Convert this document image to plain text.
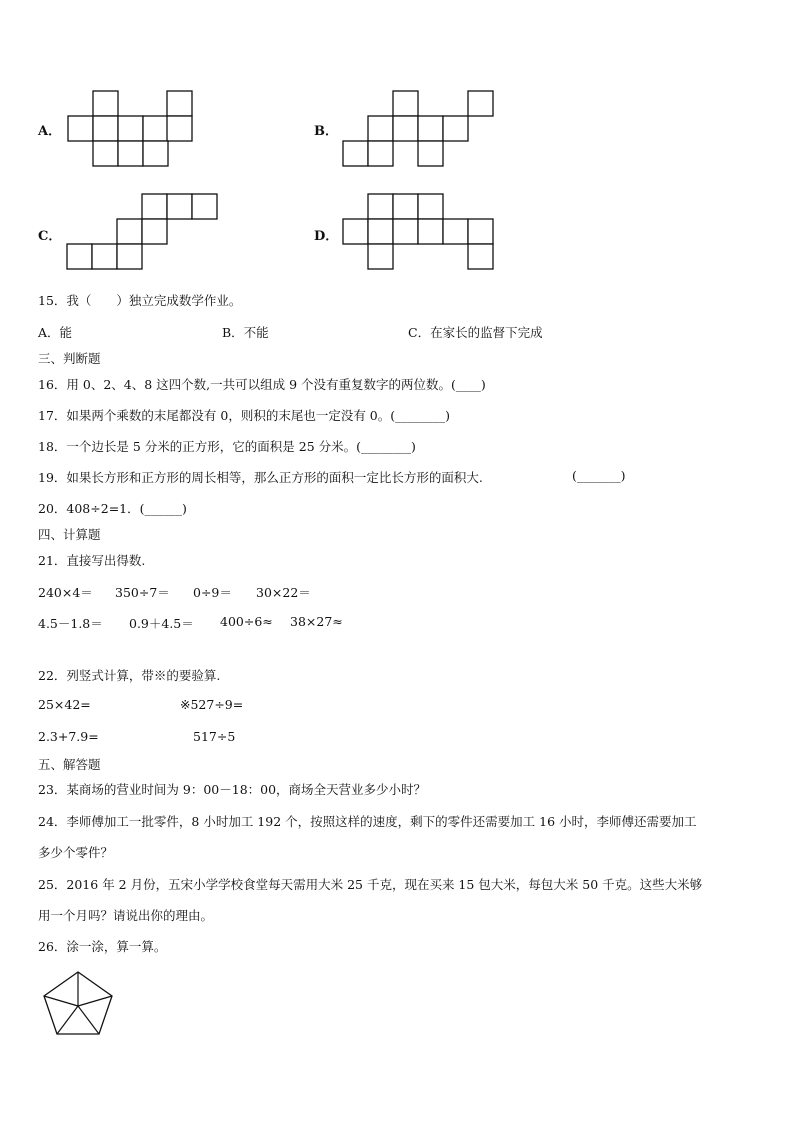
A．	B．
C．	D．
15．我（　　）独立完成数学作业。
A．能	B．不能	C．在家长的监督下完成
三、判断题
16．用 0、2、4、8 这四个数,一共可以组成 9 个没有重复数字的两位数。(____)
17．如果两个乘数的末尾都没有 0，则积的末尾也一定没有 0。(________)
18．一个边长是 5 分米的正方形，它的面积是 25 分米。(________)
19．如果长方形和正方形的周长相等，那么正方形的面积一定比长方形的面积大.	(_______)
20．408÷2=1．(______)
四、计算题
21．直接写出得数.
240×4＝ 350÷7＝ 0÷9＝ 30×22＝
4.5－1.8＝ 0.9＋4.5＝ 400÷6≈ 38×27≈
22．列竖式计算，带※的要验算.
25×42=	※527÷9=
2.3+7.9=	517÷5
五、解答题
23．某商场的营业时间为 9：00－18：00，商场全天营业多少小时？
24．李师傅加工一批零件，8 小时加工 192 个，按照这样的速度，剩下的零件还需要加工 16 小时，李师傅还需要加工
多少个零件？
25．2016 年 2 月份，五宋小学学校食堂每天需用大米 25 千克，现在买来 15 包大米，每包大米 50 千克。这些大米够
用一个月吗？请说出你的理由。
26．涂一涂，算一算。
